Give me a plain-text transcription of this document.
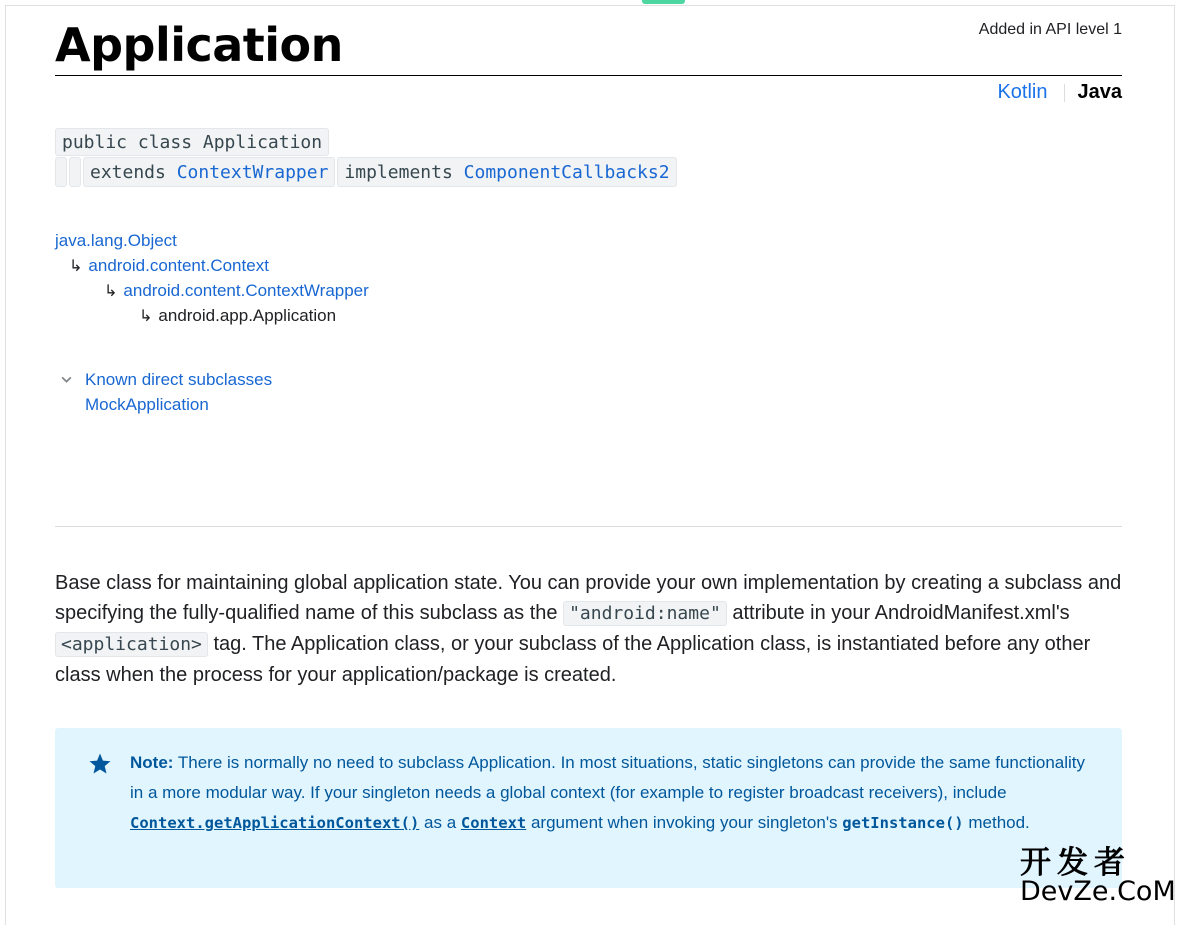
Application	Added in API level 1
Kotlin Java
public class Application
extends ContextWrapper implements ComponentCallbacks2
java.lang.Object
↳ android.content.Context
↳ android.content.ContextWrapper
↳ android.app.Application
Known direct subclasses
MockApplication

Base class for maintaining global application state. You can provide your own implementation by creating a subclass and specifying the fully-qualified name of this subclass as the "android:name" attribute in your AndroidManifest.xml's <application> tag. The Application class, or your subclass of the Application class, is instantiated before any other class when the process for your application/package is created.

Note: There is normally no need to subclass Application. In most situations, static singletons can provide the same functionality in a more modular way. If your singleton needs a global context (for example to register broadcast receivers), include Context.getApplicationContext() as a Context argument when invoking your singleton's getInstance() method.

开发者
DevZe.CoM
